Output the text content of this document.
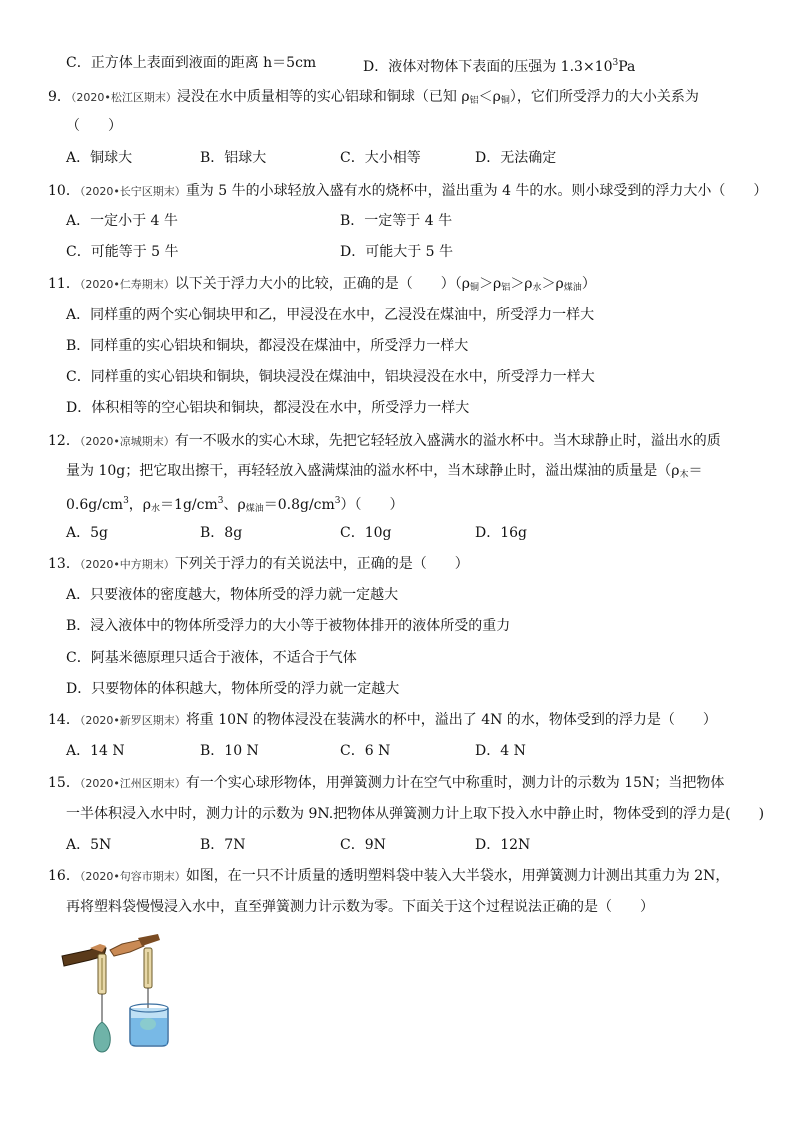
C．正方体上表面到液面的距离 h＝5cm	D．液体对物体下表面的压强为 $1.3\times 10^3Pa$
9．（2020•松江区期末）浸没在水中质量相等的实心铝球和铜球（已知 $\rho_铝<\rho_铜$），它们所受浮力的大小关系为
（　　）
A．铜球大	B．铝球大	C．大小相等	D．无法确定
10．（2020•长宁区期末）重为 5 牛的小球轻放入盛有水的烧杯中，溢出重为 4 牛的水。则小球受到的浮力大小（　　）
A．一定小于 4 牛	B．一定等于 4 牛
C．可能等于 5 牛	D．可能大于 5 牛
11．（2020•仁寿期末）以下关于浮力大小的比较，正确的是（　　）$(\rho_铜>\rho_铝>\rho_水>\rho_{煤油})$
A．同样重的两个实心铜块甲和乙，甲浸没在水中，乙浸没在煤油中，所受浮力一样大
B．同样重的实心铝块和铜块，都浸没在煤油中，所受浮力一样大
C．同样重的实心铝块和铜块，铜块浸没在煤油中，铝块浸没在水中，所受浮力一样大
D．体积相等的空心铝块和铜块，都浸没在水中，所受浮力一样大
12．（2020•凉城期末）有一不吸水的实心木球，先把它轻轻放入盛满水的溢水杯中。当木球静止时，溢出水的质
量为 10g；把它取出擦干，再轻轻放入盛满煤油的溢水杯中，当木球静止时，溢出煤油的质量是（$\rho_木=$
$0.6g/cm^3$，$\rho_水=1g/cm^3$、$\rho_{煤油}=0.8g/cm^3$）（　　）
A．5g	B．8g	C．10g	D．16g
13．（2020•中方期末）下列关于浮力的有关说法中，正确的是（　　）
A．只要液体的密度越大，物体所受的浮力就一定越大
B．浸入液体中的物体所受浮力的大小等于被物体排开的液体所受的重力
C．阿基米德原理只适合于液体，不适合于气体
D．只要物体的体积越大，物体所受的浮力就一定越大
14．（2020•新罗区期末）将重 10N 的物体浸没在装满水的杯中，溢出了 4N 的水，物体受到的浮力是（　　）
A．14 N	B．10 N	C．6 N	D．4 N
15．（2020•江州区期末）有一个实心球形物体，用弹簧测力计在空气中称重时，测力计的示数为 15N；当把物体
一半体积浸入水中时，测力计的示数为 9N.把物体从弹簧测力计上取下投入水中静止时，物体受到的浮力是(　　)
A．5N	B．7N	C．9N	D．12N
16．（2020•句容市期末）如图，在一只不计质量的透明塑料袋中装入大半袋水，用弹簧测力计测出其重力为 2N，
再将塑料袋慢慢浸入水中，直至弹簧测力计示数为零。下面关于这个过程说法正确的是（　　）
